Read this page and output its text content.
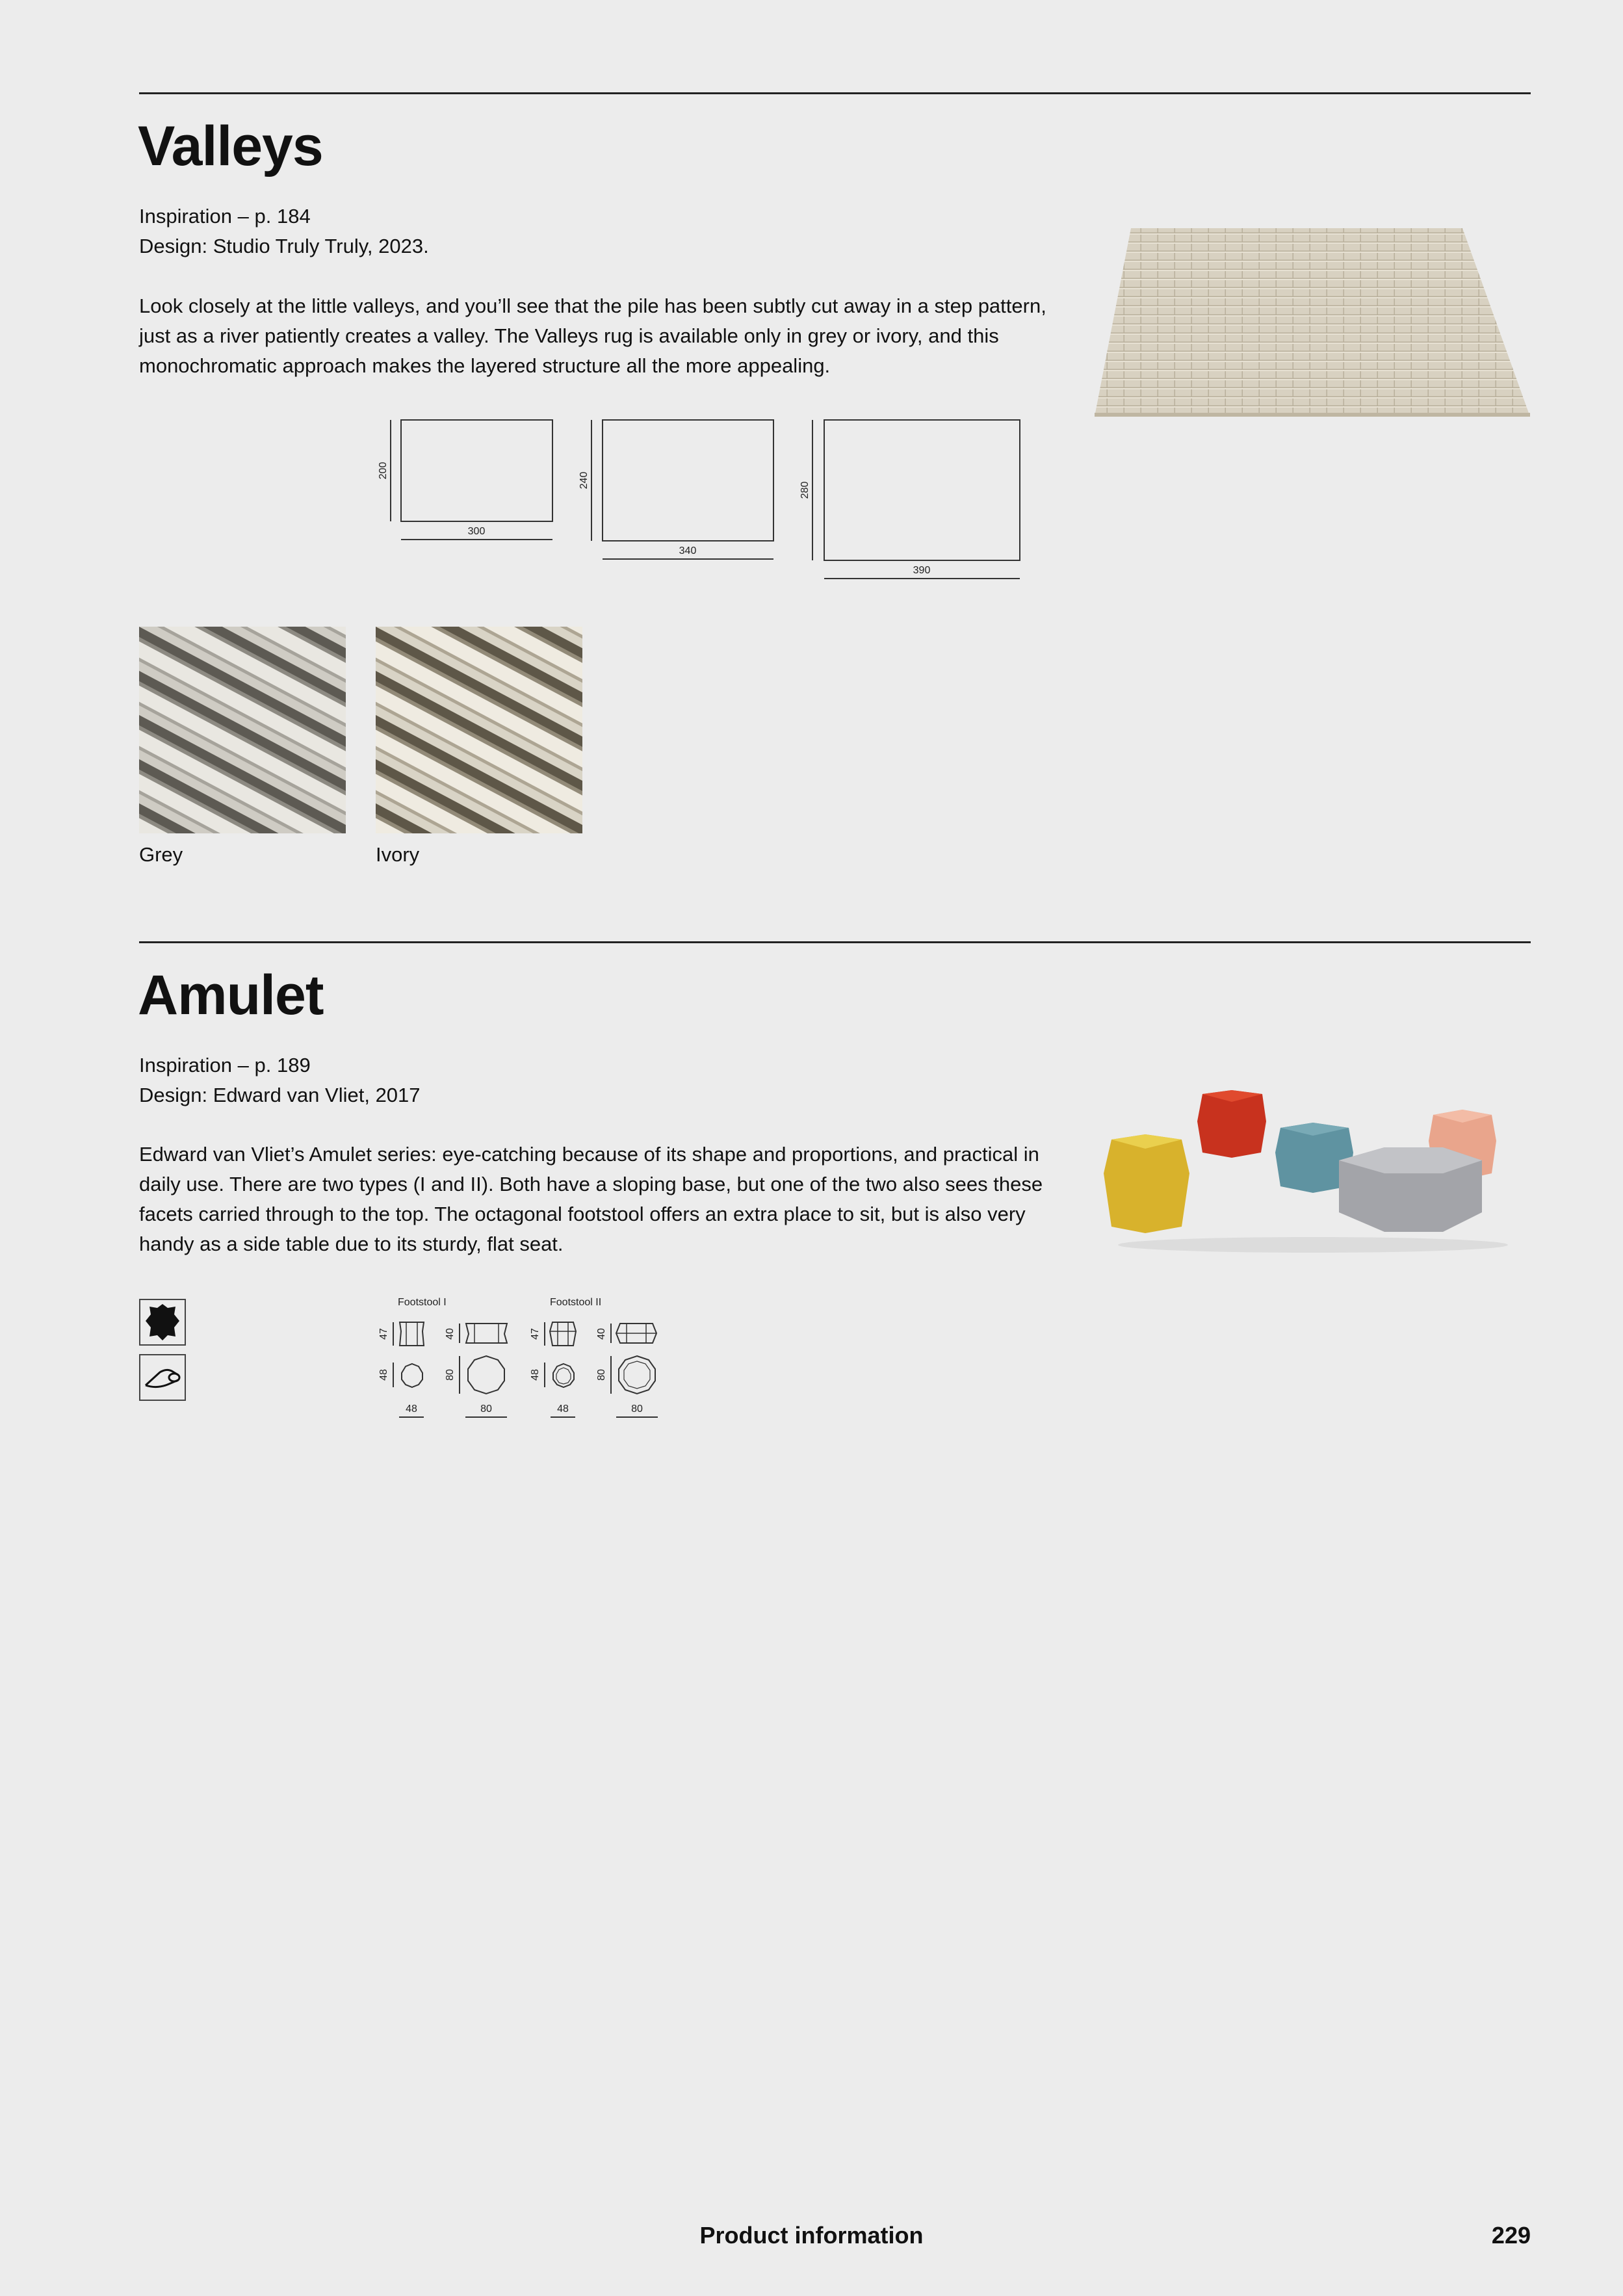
Valleys
Inspiration – p. 184
Design: Studio Truly Truly, 2023.
Look closely at the little valleys, and you’ll see that the pile has been subtly cut away in a step pattern, just as a river patiently creates a valley. The Valleys rug is available only in grey or ivory, and this monochromatic approach makes the layered structure all the more appealing.
200
300
240
340
280
390
Grey	Ivory
Amulet
Inspiration – p. 189
Design: Edward van Vliet, 2017
Edward van Vliet’s Amulet series: eye-catching because of its shape and proportions, and practical in daily use. There are two types (I and II). Both have a sloping base, but one of the two also sees these facets carried through to the top. The octagonal footstool offers an extra place to sit, but is also very handy as a side table due to its sturdy, flat seat.
Footstool I
47	40
48
48
80
80
Footstool II
47	40
48
48
80
80
Product information	229
